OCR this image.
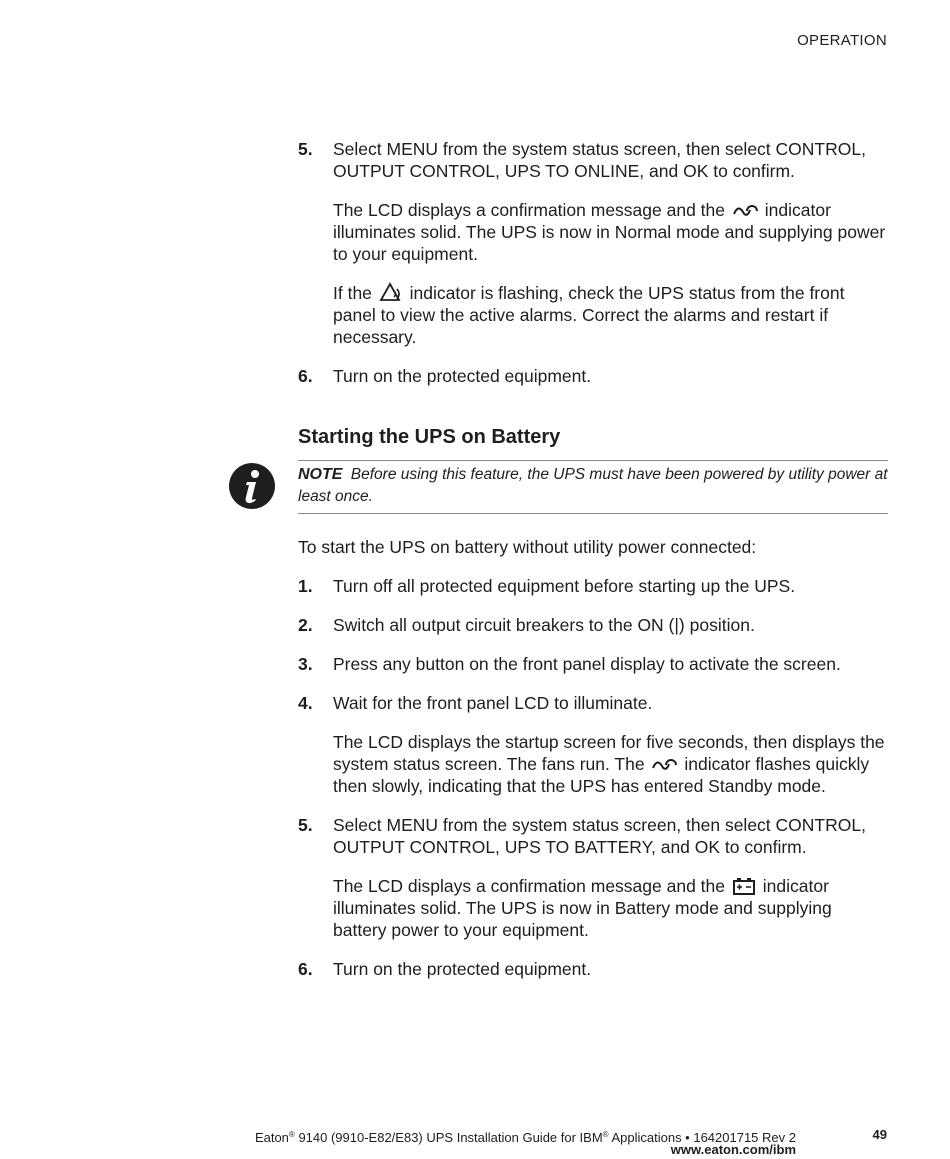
OPERATION
5. Select MENU from the system status screen, then select CONTROL, OUTPUT CONTROL, UPS TO ONLINE, and OK to confirm.
The LCD displays a confirmation message and the indicator illuminates solid. The UPS is now in Normal mode and supplying power to your equipment.
If the indicator is flashing, check the UPS status from the front panel to view the active alarms. Correct the alarms and restart if necessary.
6. Turn on the protected equipment.
Starting the UPS on Battery
NOTE Before using this feature, the UPS must have been powered by utility power at least once.
To start the UPS on battery without utility power connected:
1. Turn off all protected equipment before starting up the UPS.
2. Switch all output circuit breakers to the ON (|) position.
3. Press any button on the front panel display to activate the screen.
4. Wait for the front panel LCD to illuminate.
The LCD displays the startup screen for five seconds, then displays the system status screen. The fans run. The indicator flashes quickly then slowly, indicating that the UPS has entered Standby mode.
5. Select MENU from the system status screen, then select CONTROL, OUTPUT CONTROL, UPS TO BATTERY, and OK to confirm.
The LCD displays a confirmation message and the indicator illuminates solid. The UPS is now in Battery mode and supplying battery power to your equipment.
6. Turn on the protected equipment.
Eaton® 9140 (9910-E82/E83) UPS Installation Guide for IBM® Applications • 164201715 Rev 2
www.eaton.com/ibm
49
